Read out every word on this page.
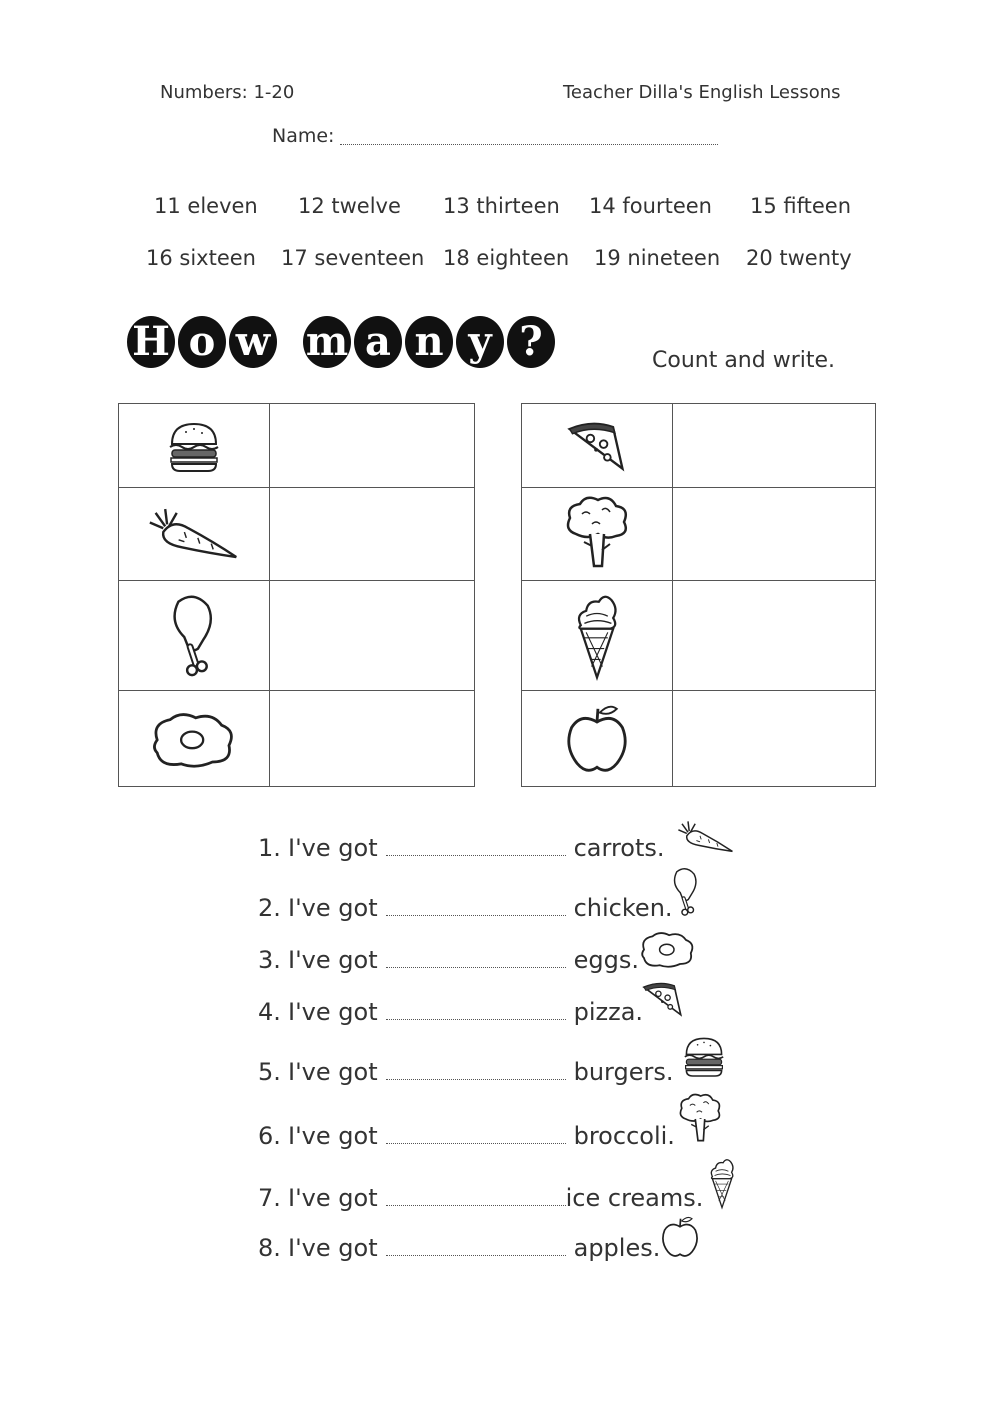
Numbers: 1-20	Teacher Dilla's English Lessons
Name:
11 eleven 12 twelve 13 thirteen 14 fourteen 15 fifteen
16 sixteen 17 seventeen 18 eighteen 19 nineteen 20 twenty
H o w m a n y ?	Count and write.

1. I've got	carrots.
2. I've got	chicken.
3. I've got	eggs.
4. I've got	pizza.
5. I've got	burgers.
6. I've got	broccoli.
7. I've got	ice creams.
8. I've got	apples.
